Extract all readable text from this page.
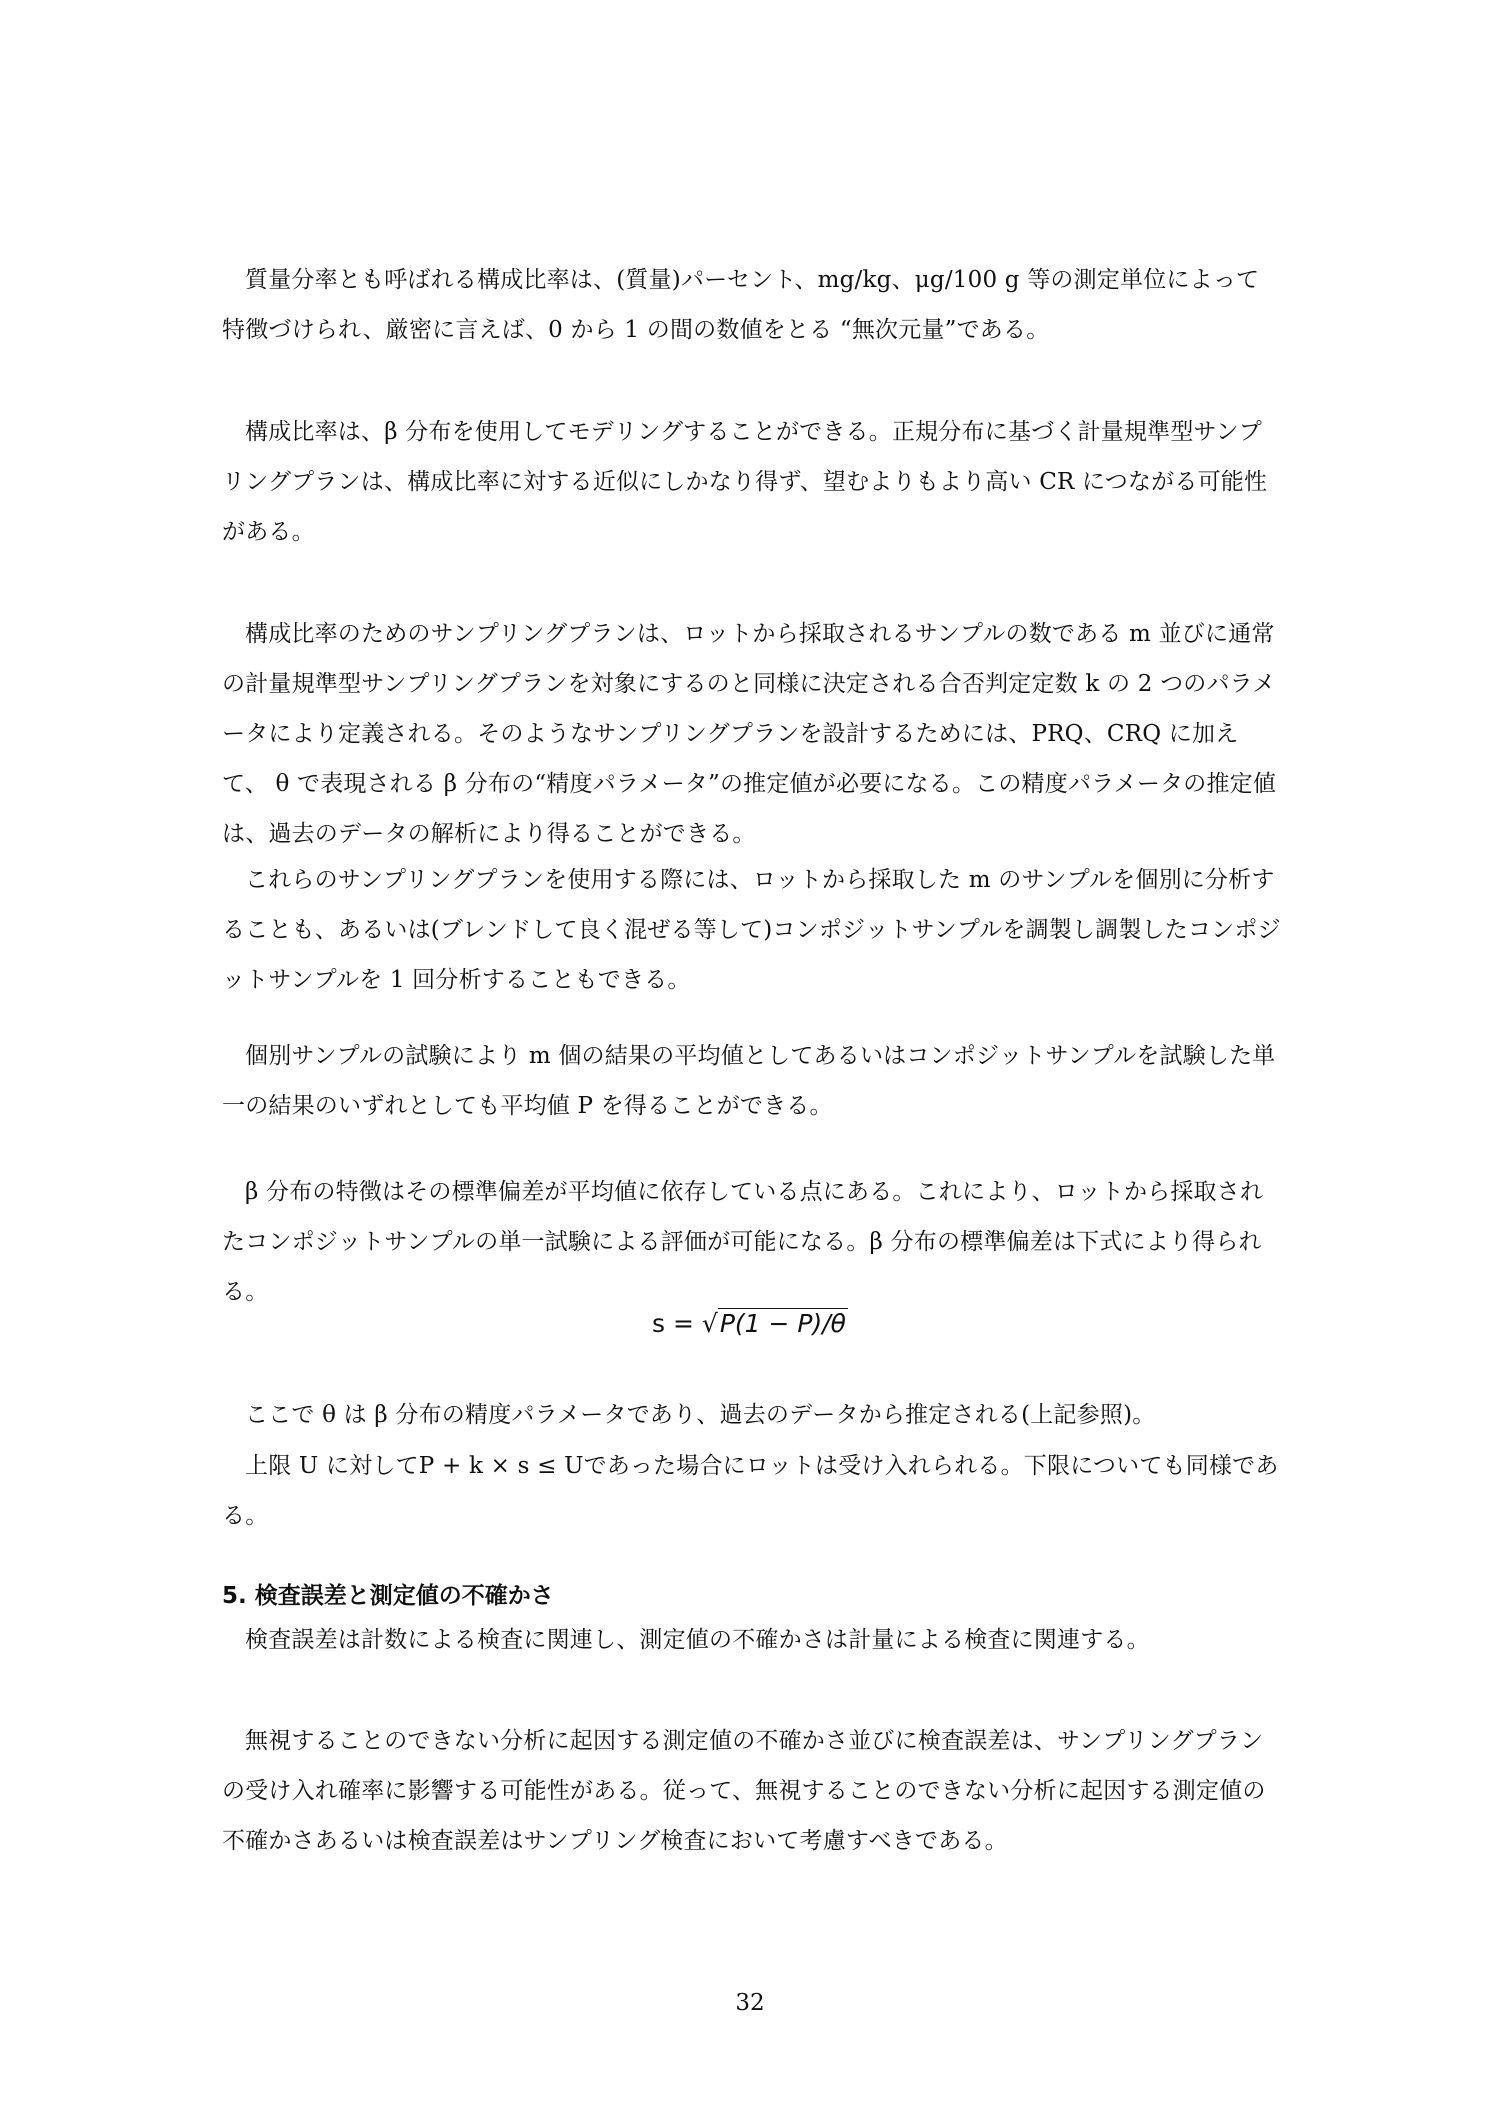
質量分率とも呼ばれる構成比率は、(質量)パーセント、mg/kg、μg/100 g 等の測定単位によって特徴づけられ、厳密に言えば、0 から 1 の間の数値をとる “無次元量”である。

構成比率は、β 分布を使用してモデリングすることができる。正規分布に基づく計量規準型サンプリングプランは、構成比率に対する近似にしかなり得ず、望むよりもより高い CR につながる可能性がある。

構成比率のためのサンプリングプランは、ロットから採取されるサンプルの数である m 並びに通常の計量規準型サンプリングプランを対象にするのと同様に決定される合否判定定数 k の 2 つのパラメータにより定義される。そのようなサンプリングプランを設計するためには、PRQ、CRQ に加えて、 θ で表現される β 分布の“精度パラメータ”の推定値が必要になる。この精度パラメータの推定値は、過去のデータの解析により得ることができる。

これらのサンプリングプランを使用する際には、ロットから採取した m のサンプルを個別に分析することも、あるいは(ブレンドして良く混ぜる等して)コンポジットサンプルを調製し調製したコンポジットサンプルを 1 回分析することもできる。

個別サンプルの試験により m 個の結果の平均値としてあるいはコンポジットサンプルを試験した単一の結果のいずれとしても平均値 P を得ることができる。

β 分布の特徴はその標準偏差が平均値に依存している点にある。これにより、ロットから採取されたコンポジットサンプルの単一試験による評価が可能になる。β 分布の標準偏差は下式により得られる。

s = √P(1 − P)/θ

ここで θ は β 分布の精度パラメータであり、過去のデータから推定される(上記参照)。

上限 U に対してP + k × s ≤ Uであった場合にロットは受け入れられる。下限についても同様である。

5. 検査誤差と測定値の不確かさ

検査誤差は計数による検査に関連し、測定値の不確かさは計量による検査に関連する。

無視することのできない分析に起因する測定値の不確かさ並びに検査誤差は、サンプリングプランの受け入れ確率に影響する可能性がある。従って、無視することのできない分析に起因する測定値の不確かさあるいは検査誤差はサンプリング検査において考慮すべきである。

32
